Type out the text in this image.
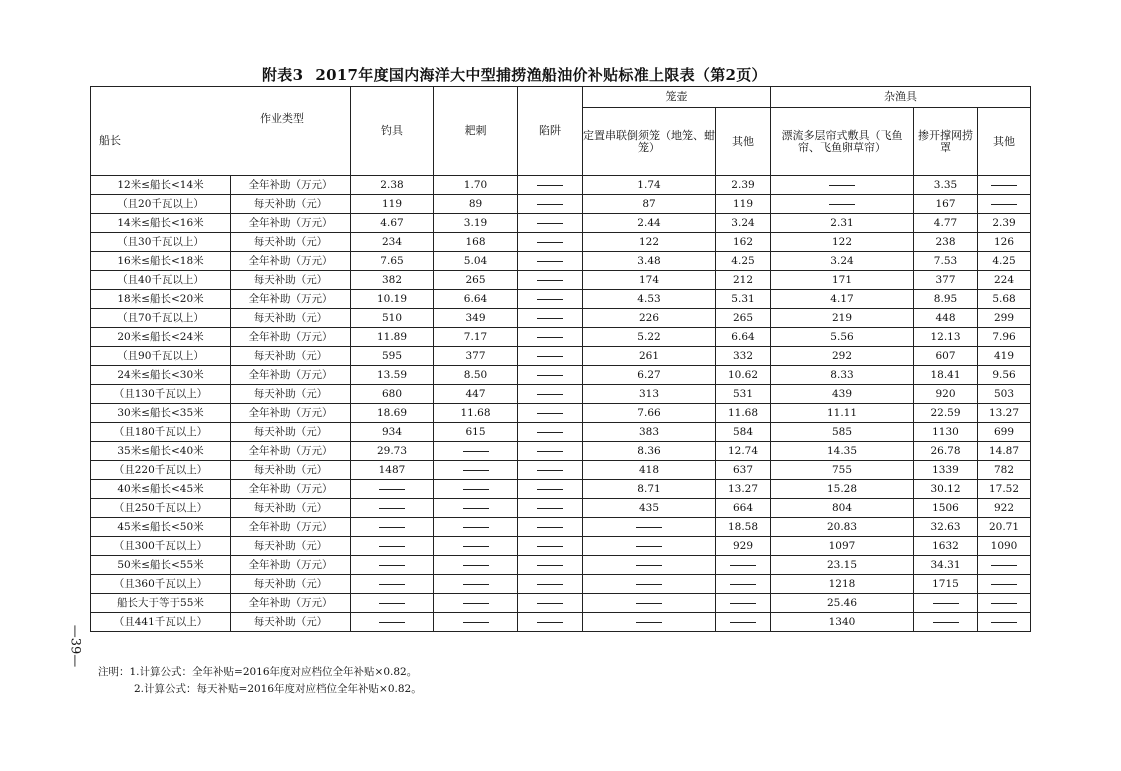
附表3 2017年度国内海洋大中型捕捞渔船油价补贴标准上限表（第2页）
作业类型
船长		钓具	耙刺	陷阱	笼壶		杂渔具		
					定置串联倒须笼（地笼、蚶笼）	其他	漂流多层帘式敷具（飞鱼帘、飞鱼卵草帘）	掺开撑网捞罩	其他
12米≤船长<14米	全年补助（万元）	2.38	1.70		1.74	2.39		3.35	
（且20千瓦以上）	每天补助（元）	119	89		87	119		167	
14米≤船长<16米	全年补助（万元）	4.67	3.19		2.44	3.24	2.31	4.77	2.39
（且30千瓦以上）	每天补助（元）	234	168		122	162	122	238	126
16米≤船长<18米	全年补助（万元）	7.65	5.04		3.48	4.25	3.24	7.53	4.25
（且40千瓦以上）	每天补助（元）	382	265		174	212	171	377	224
18米≤船长<20米	全年补助（万元）	10.19	6.64		4.53	5.31	4.17	8.95	5.68
（且70千瓦以上）	每天补助（元）	510	349		226	265	219	448	299
20米≤船长<24米	全年补助（万元）	11.89	7.17		5.22	6.64	5.56	12.13	7.96
（且90千瓦以上）	每天补助（元）	595	377		261	332	292	607	419
24米≤船长<30米	全年补助（万元）	13.59	8.50		6.27	10.62	8.33	18.41	9.56
（且130千瓦以上）	每天补助（元）	680	447		313	531	439	920	503
30米≤船长<35米	全年补助（万元）	18.69	11.68		7.66	11.68	11.11	22.59	13.27
（且180千瓦以上）	每天补助（元）	934	615		383	584	585	1130	699
35米≤船长<40米	全年补助（万元）	29.73			8.36	12.74	14.35	26.78	14.87
（且220千瓦以上）	每天补助（元）	1487			418	637	755	1339	782
40米≤船长<45米	全年补助（万元）				8.71	13.27	15.28	30.12	17.52
（且250千瓦以上）	每天补助（元）				435	664	804	1506	922
45米≤船长<50米	全年补助（万元）					18.58	20.83	32.63	20.71
（且300千瓦以上）	每天补助（元）					929	1097	1632	1090
50米≤船长<55米	全年补助（万元）						23.15	34.31	
（且360千瓦以上）	每天补助（元）						1218	1715	
船长大于等于55米	全年补助（万元）						25.46		
（且441千瓦以上）	每天补助（元）						1340		
—39—
注明：1.计算公式：全年补贴=2016年度对应档位全年补贴×0.82。
2.计算公式：每天补贴=2016年度对应档位全年补贴×0.82。
